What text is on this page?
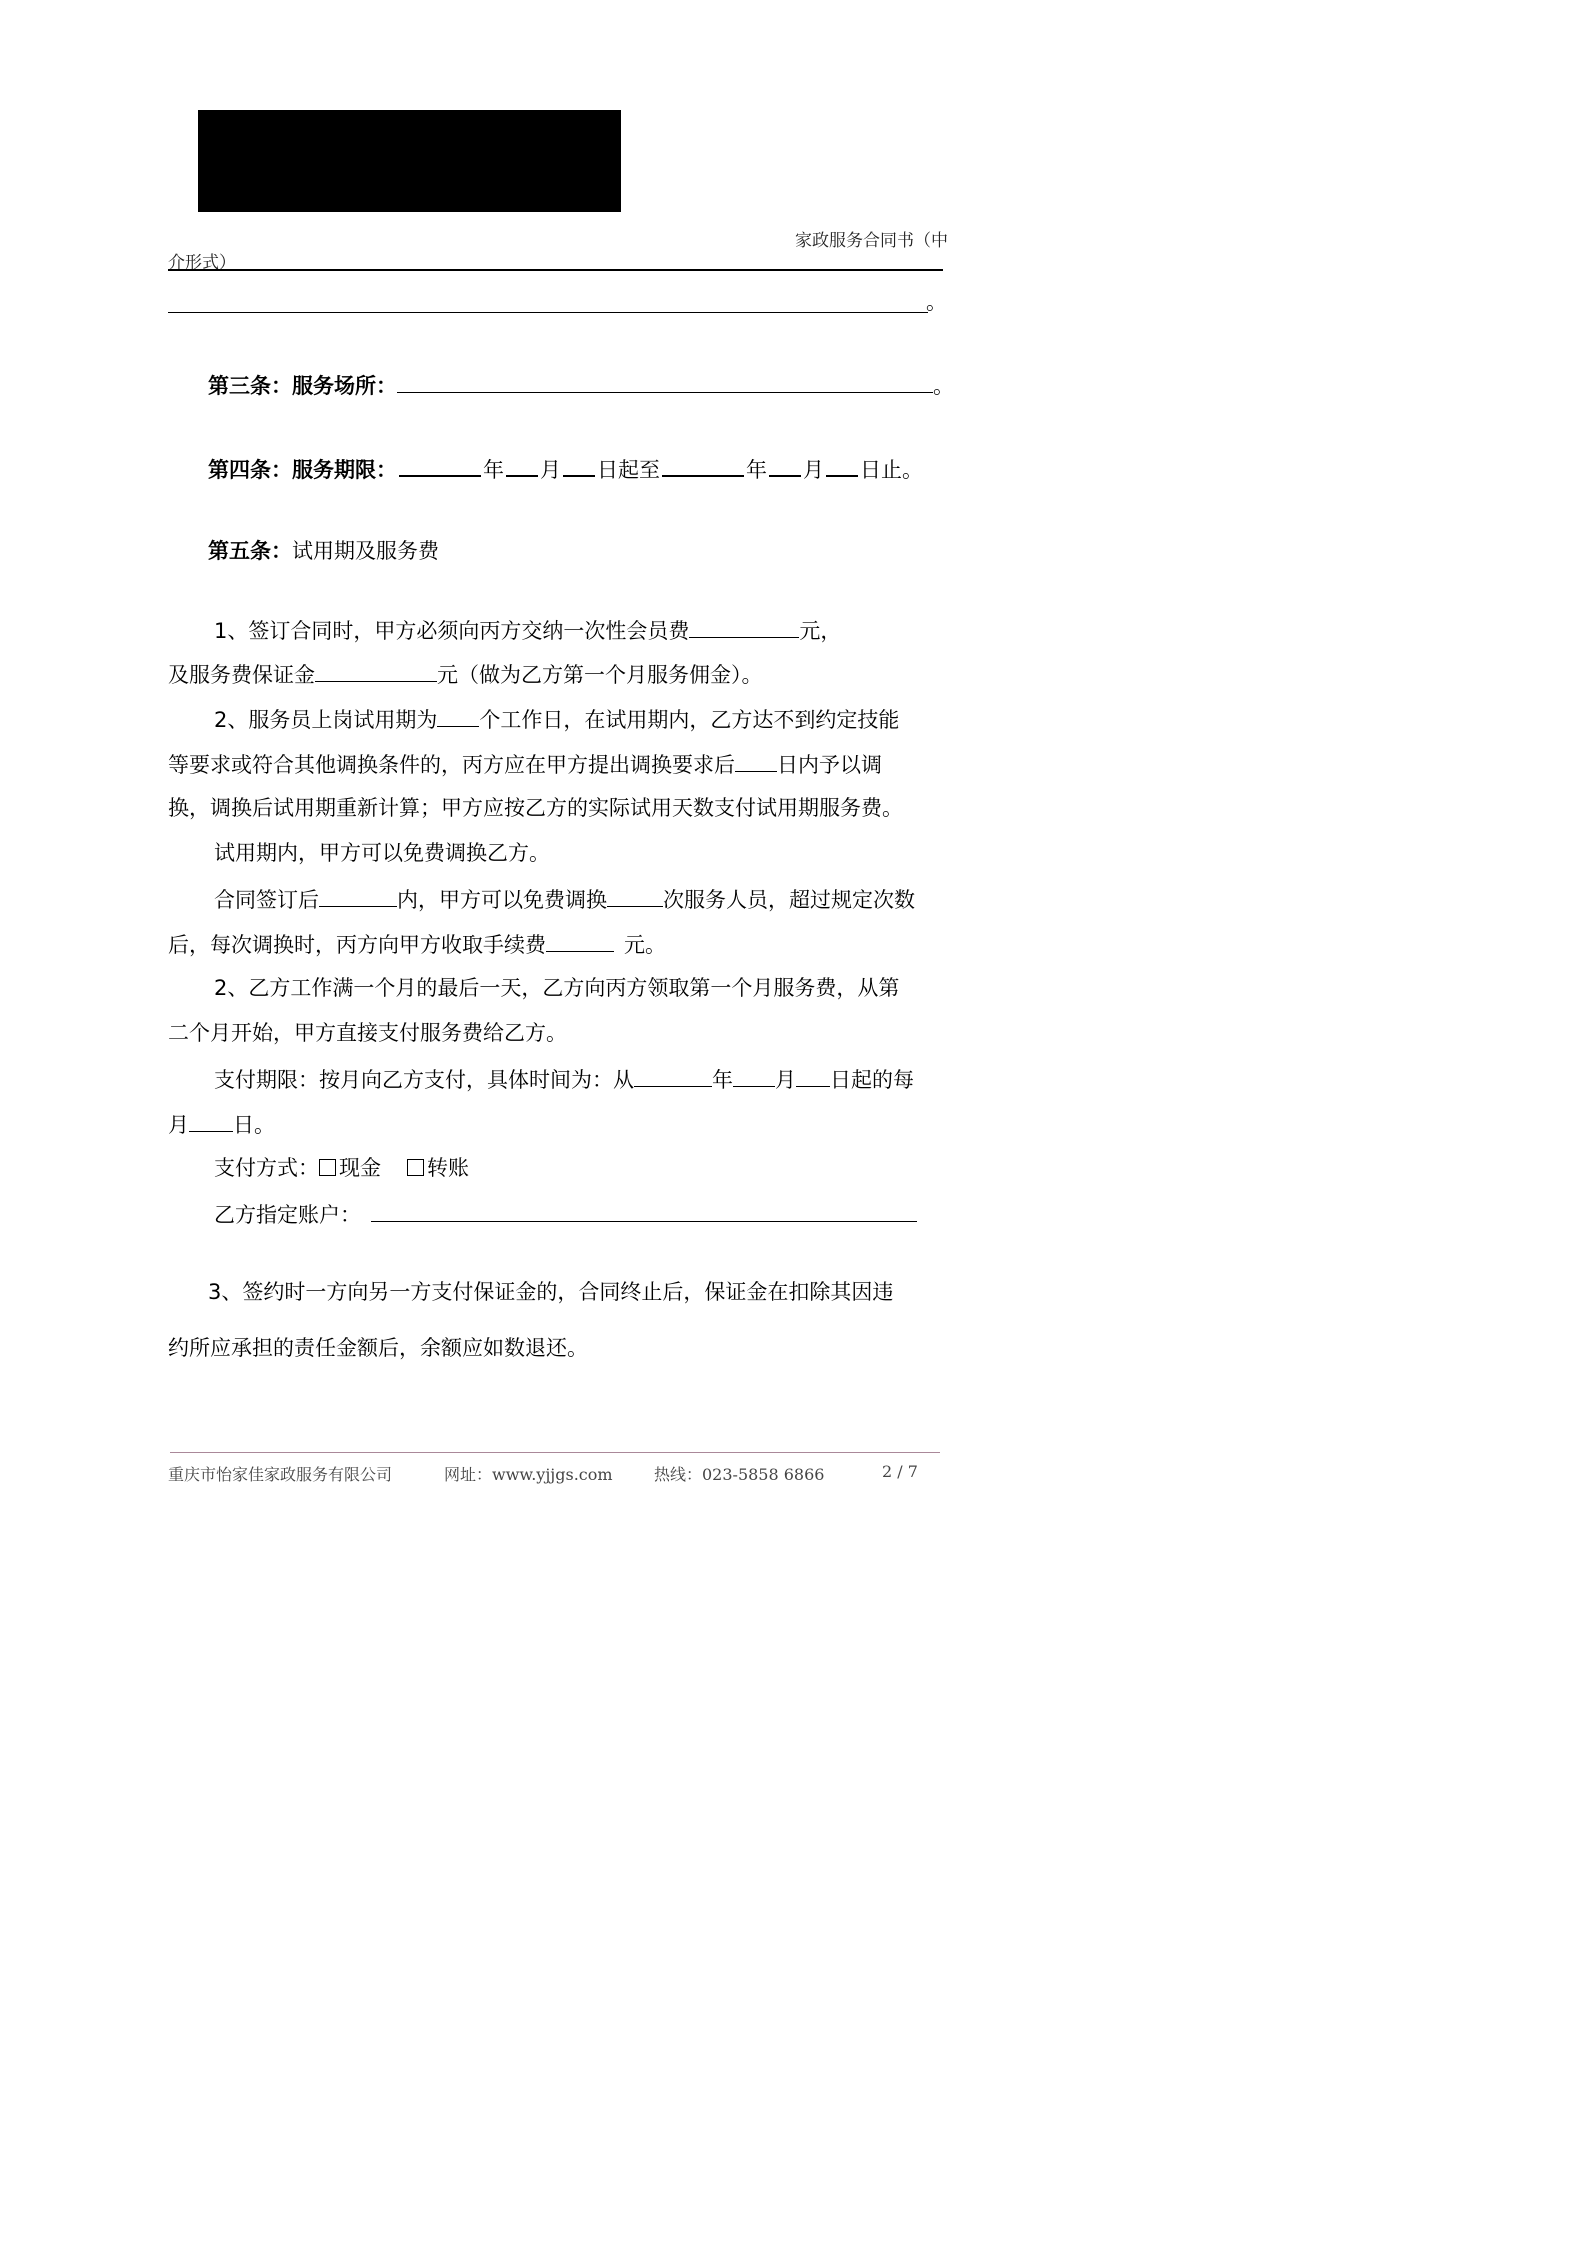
家政服务合同书（中
介形式）
。
第三条：服务场所：	。
第四条：服务期限：	年 月 日起至	年 月 日止。
第五条：试用期及服务费
1、签订合同时，甲方必须向丙方交纳一次性会员费	元，
及服务费保证金	元（做为乙方第一个月服务佣金）。
2、服务员上岗试用期为 个工作日，在试用期内，乙方达不到约定技能
等要求或符合其他调换条件的，丙方应在甲方提出调换要求后 日内予以调
换，调换后试用期重新计算；甲方应按乙方的实际试用天数支付试用期服务费。
试用期内，甲方可以免费调换乙方。
合同签订后	内，甲方可以免费调换	次服务人员，超过规定次数
后，每次调换时，丙方向甲方收取手续费	元。
2、乙方工作满一个月的最后一天，乙方向丙方领取第一个月服务费，从第
二个月开始，甲方直接支付服务费给乙方。
支付期限：按月向乙方支付，具体时间为：从	年 月 日起的每
月 日。
支付方式： 现金 转账
乙方指定账户：
3、签约时一方向另一方支付保证金的，合同终止后，保证金在扣除其因违
约所应承担的责任金额后，余额应如数退还。
重庆市怡家佳家政服务有限公司	网址：www.yjjgs.com	热线：023-5858 6866	2 / 7
